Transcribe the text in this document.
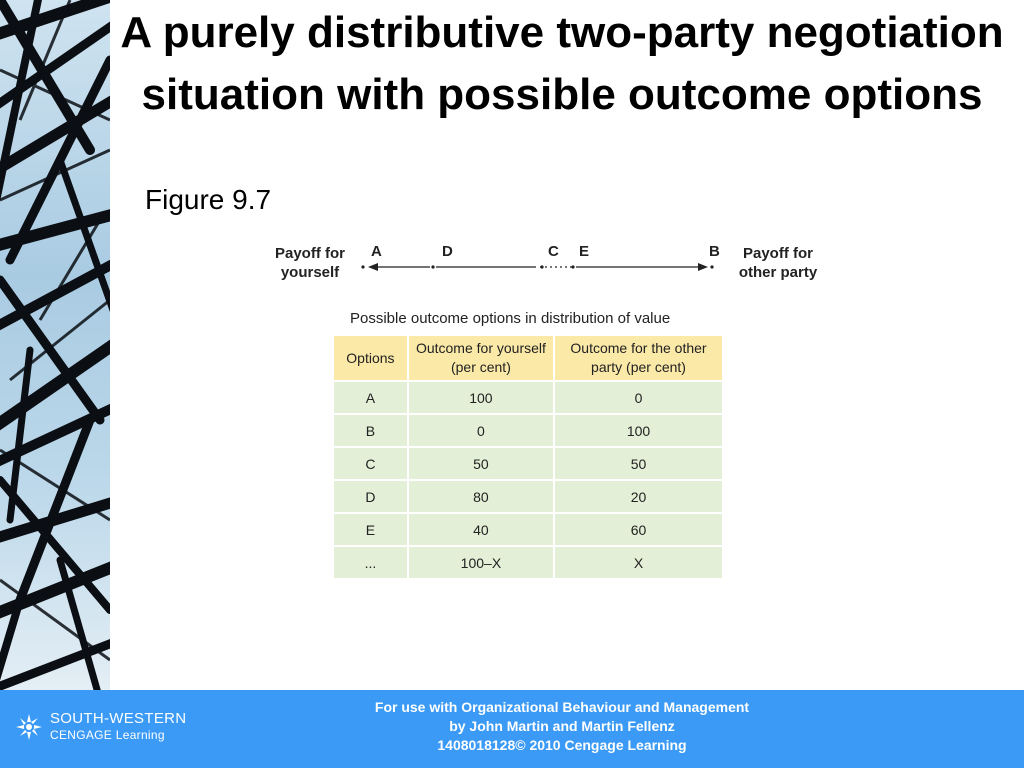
A purely distributive two-party negotiation situation with possible outcome options
Figure 9.7
Payoff for
yourself
Payoff for
other party
A	D	C E	B
Possible outcome options in distribution of value
Options	Outcome for yourself (per cent)	Outcome for the other party (per cent)
A	100	0
B	0	100
C	50	50
D	80	20
E	40	60
...	100–X	X
SOUTH-WESTERN
CENGAGE Learning
For use with Organizational Behaviour and Management
by John Martin and Martin Fellenz
1408018128© 2010 Cengage Learning
